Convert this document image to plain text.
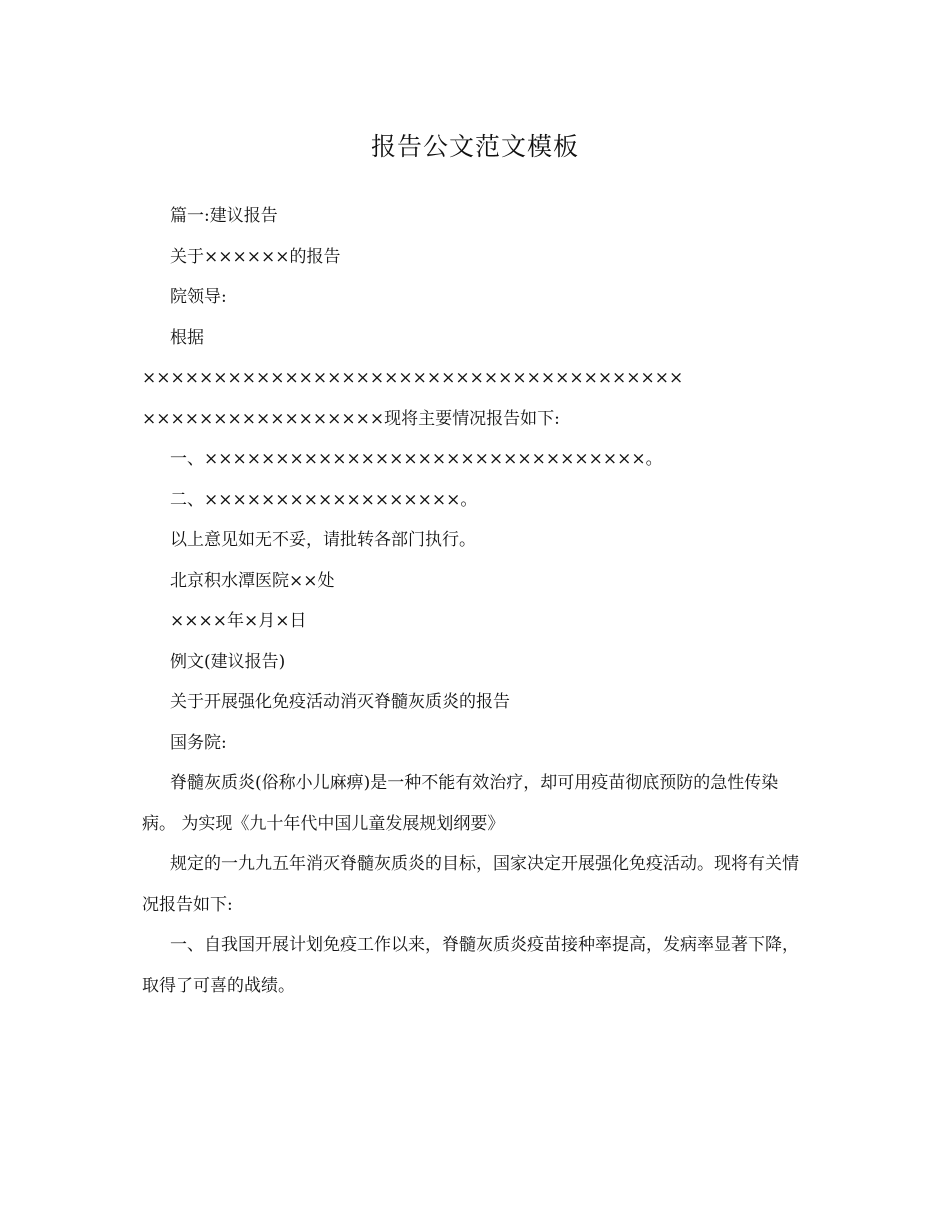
报告公文范文模板

篇一:建议报告

关于××××××的报告

院领导:

根据

××××××××××××××××××××××××××××××××××××××

×××××××××××××××××现将主要情况报告如下:

一、×××××××××××××××××××××××××××××××。

二、××××××××××××××××××。

以上意见如无不妥，请批转各部门执行。

北京积水潭医院××处

××××年×月×日

例文(建议报告)

关于开展强化免疫活动消灭脊髓灰质炎的报告

国务院:

脊髓灰质炎(俗称小儿麻痹)是一种不能有效治疗，却可用疫苗彻底预防的急性传染病。 为实现《九十年代中国儿童发展规划纲要》

规定的一九九五年消灭脊髓灰质炎的目标，国家决定开展强化免疫活动。现将有关情况报告如下:

一、自我国开展计划免疫工作以来，脊髓灰质炎疫苗接种率提高，发病率显著下降，取得了可喜的战绩。
